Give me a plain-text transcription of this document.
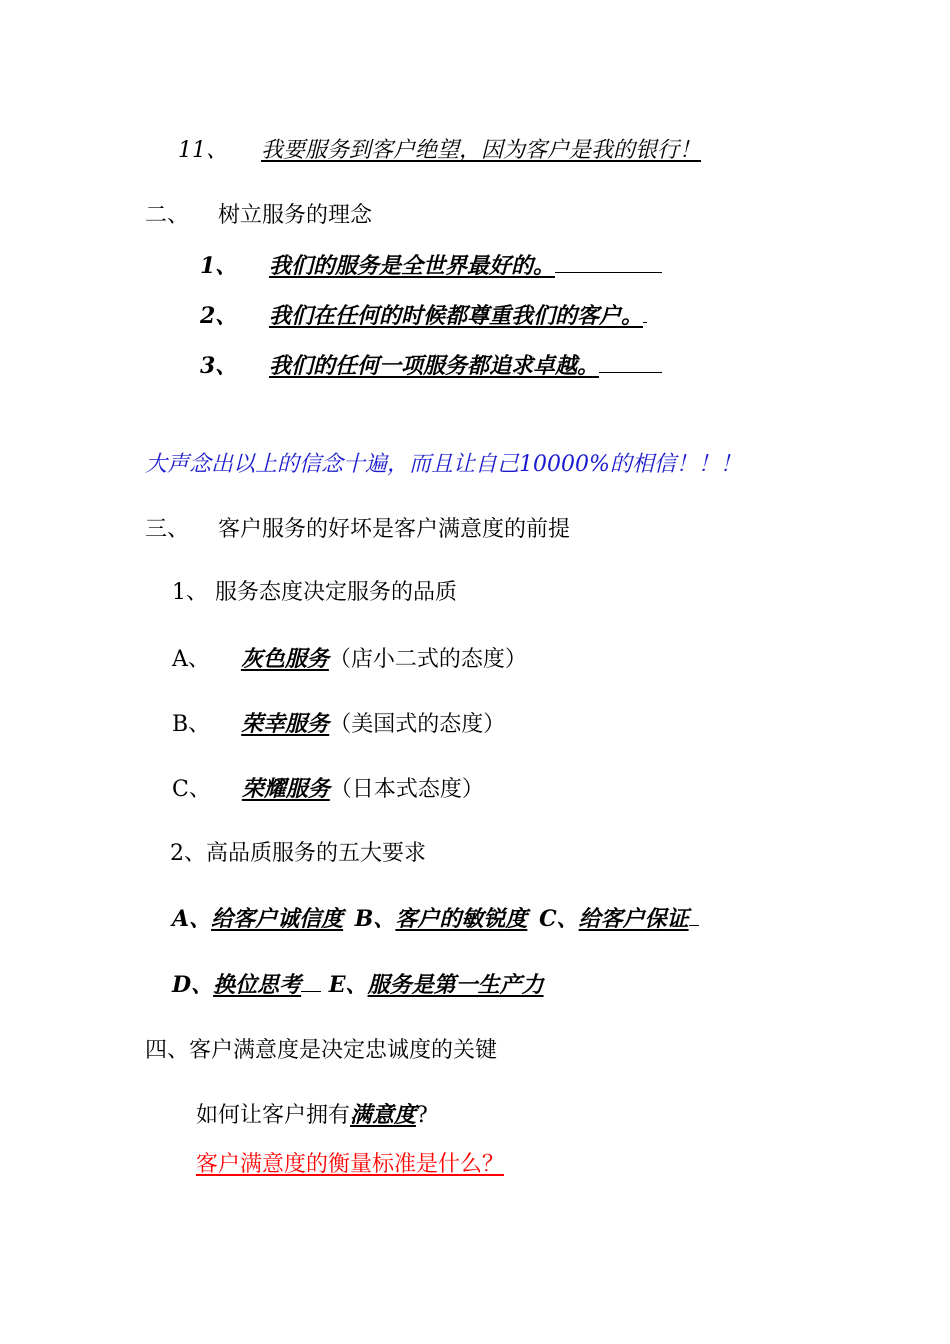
11、 我要服务到客户绝望，因为客户是我的银行！
二、 树立服务的理念
1、 我们的服务是全世界最好的。
2、 我们在任何的时候都尊重我们的客户。
3、 我们的任何一项服务都追求卓越。
大声念出以上的信念十遍，而且让自己10000%的相信！！！
三、 客户服务的好坏是客户满意度的前提
1、 服务态度决定服务的品质
A、 灰色服务（店小二式的态度）
B、 荣幸服务（美国式的态度）
C、 荣耀服务（日本式态度）
2、高品质服务的五大要求
A、给客户诚信度 B、客户的敏锐度 C、给客户保证
D、换位思考 E、服务是第一生产力
四、客户满意度是决定忠诚度的关键
如何让客户拥有满意度?
客户满意度的衡量标准是什么？
